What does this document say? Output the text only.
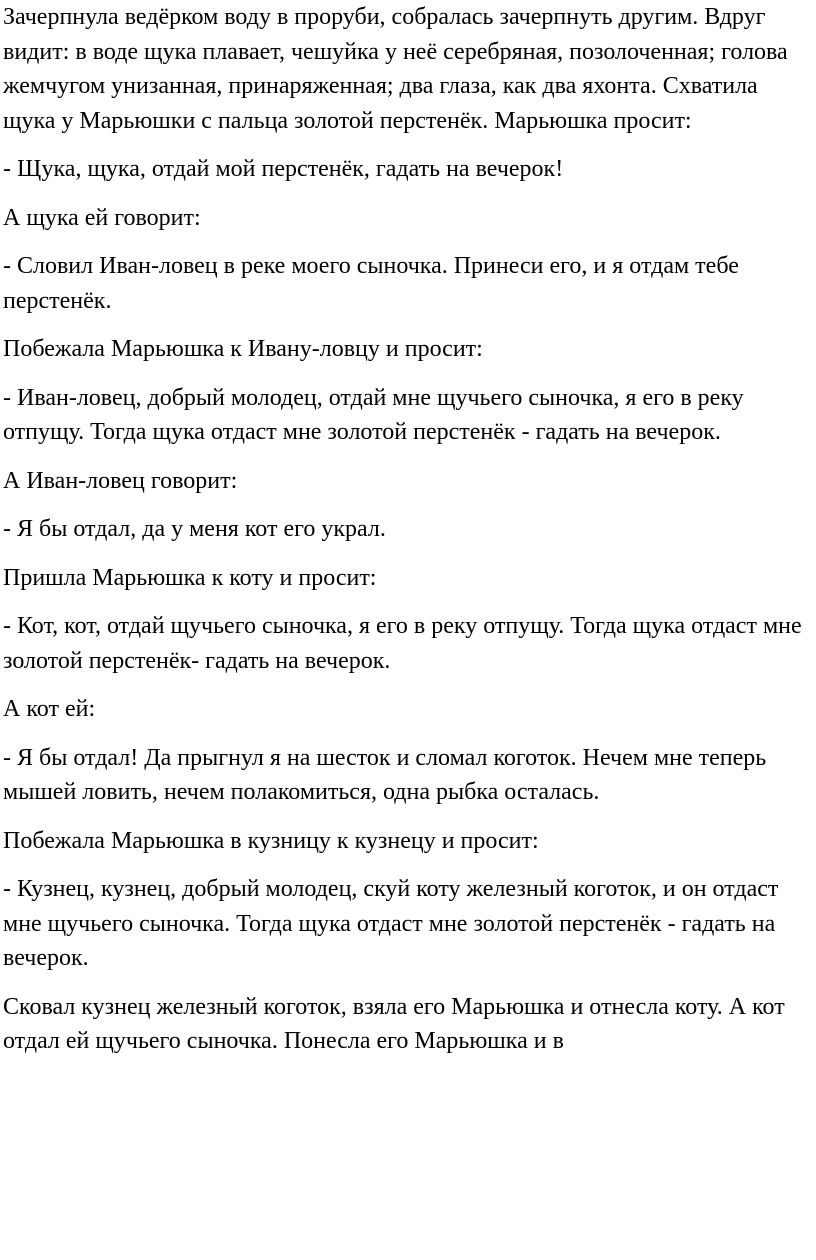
Зачерпнула ведёрком воду в проруби, собралась зачерпнуть другим. Вдруг видит: в воде щука плавает, чешуйка у неё серебряная, позолоченная; голова жемчугом унизанная, принаряженная; два глаза, как два яхонта. Схватила щука у Марьюшки с пальца золотой перстенёк. Марьюшка просит:

- Щука, щука, отдай мой перстенёк, гадать на вечерок!

А щука ей говорит:

- Словил Иван-ловец в реке моего сыночка. Принеси его, и я отдам тебе перстенёк.

Побежала Марьюшка к Ивану-ловцу и просит:

- Иван-ловец, добрый молодец, отдай мне щучьего сыночка, я его в реку отпущу. Тогда щука отдаст мне золотой перстенёк - гадать на вечерок.

А Иван-ловец говорит:

- Я бы отдал, да у меня кот его украл.

Пришла Марьюшка к коту и просит:

- Кот, кот, отдай щучьего сыночка, я его в реку отпущу. Тогда щука отдаст мне золотой перстенёк- гадать на вечерок.

А кот ей:

- Я бы отдал! Да прыгнул я на шесток и сломал коготок. Нечем мне теперь мышей ловить, нечем полакомиться, одна рыбка осталась.

Побежала Марьюшка в кузницу к кузнецу и просит:

- Кузнец, кузнец, добрый молодец, скуй коту железный коготок, и он отдаст мне щучьего сыночка. Тогда щука отдаст мне золотой перстенёк - гадать на вечерок.

Сковал кузнец железный коготок, взяла его Марьюшка и отнесла коту. А кот отдал ей щучьего сыночка. Понесла его Марьюшка и в
